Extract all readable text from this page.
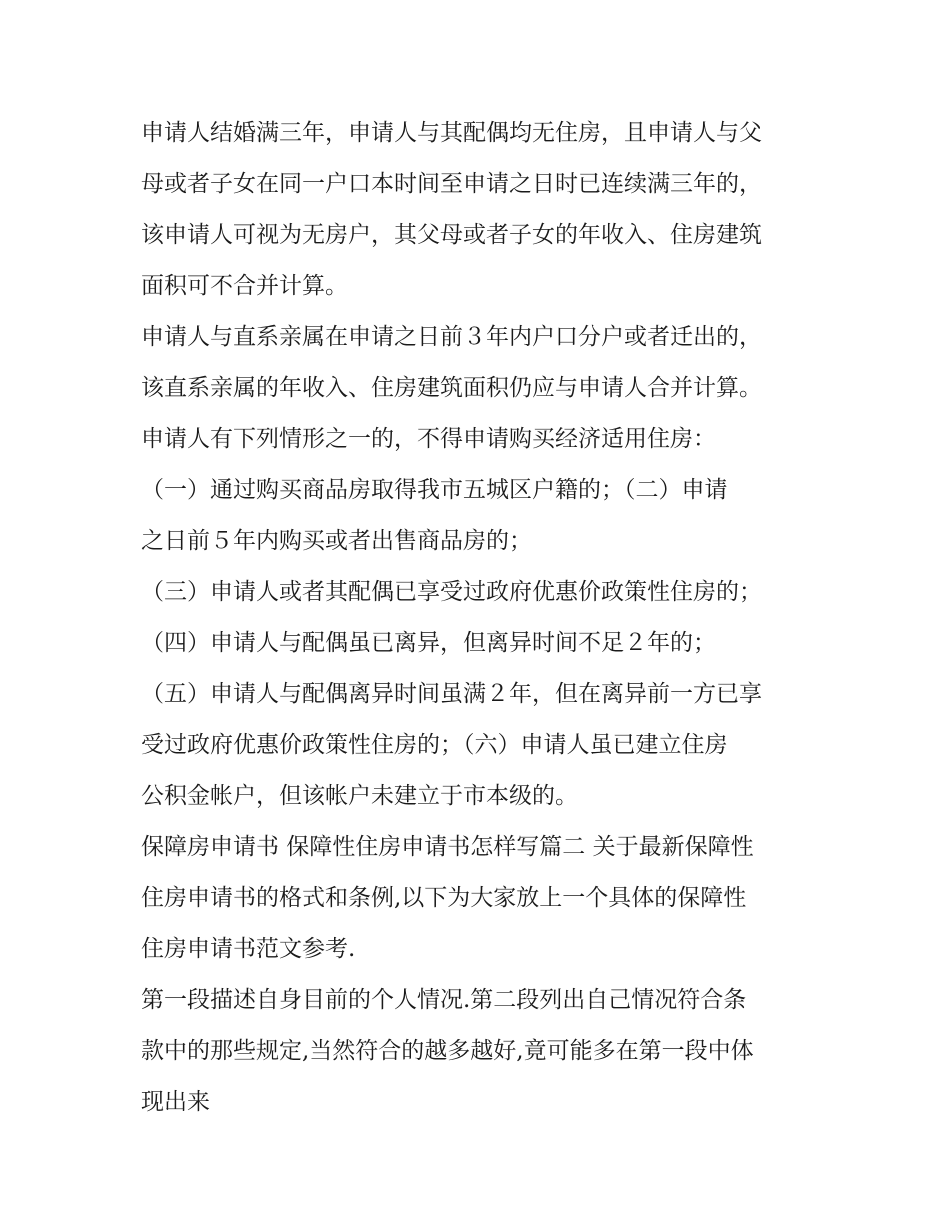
申请人结婚满三年，申请人与其配偶均无住房，且申请人与父
母或者子女在同一户口本时间至申请之日时已连续满三年的，
该申请人可视为无房户，其父母或者子女的年收入、住房建筑
面积可不合并计算。

申请人与直系亲属在申请之日前３年内户口分户或者迁出的，
该直系亲属的年收入、住房建筑面积仍应与申请人合并计算。

申请人有下列情形之一的，不得申请购买经济适用住房：

（一）通过购买商品房取得我市五城区户籍的；（二）申请
之日前５年内购买或者出售商品房的；

（三）申请人或者其配偶已享受过政府优惠价政策性住房的；

（四）申请人与配偶虽已离异，但离异时间不足２年的；

（五）申请人与配偶离异时间虽满２年，但在离异前一方已享
受过政府优惠价政策性住房的；（六）申请人虽已建立住房
公积金帐户，但该帐户未建立于市本级的。

保障房申请书 保障性住房申请书怎样写篇二 关于最新保障性
住房申请书的格式和条例,以下为大家放上一个具体的保障性
住房申请书范文参考.

第一段描述自身目前的个人情况.第二段列出自己情况符合条
款中的那些规定,当然符合的越多越好,竟可能多在第一段中体
现出来
